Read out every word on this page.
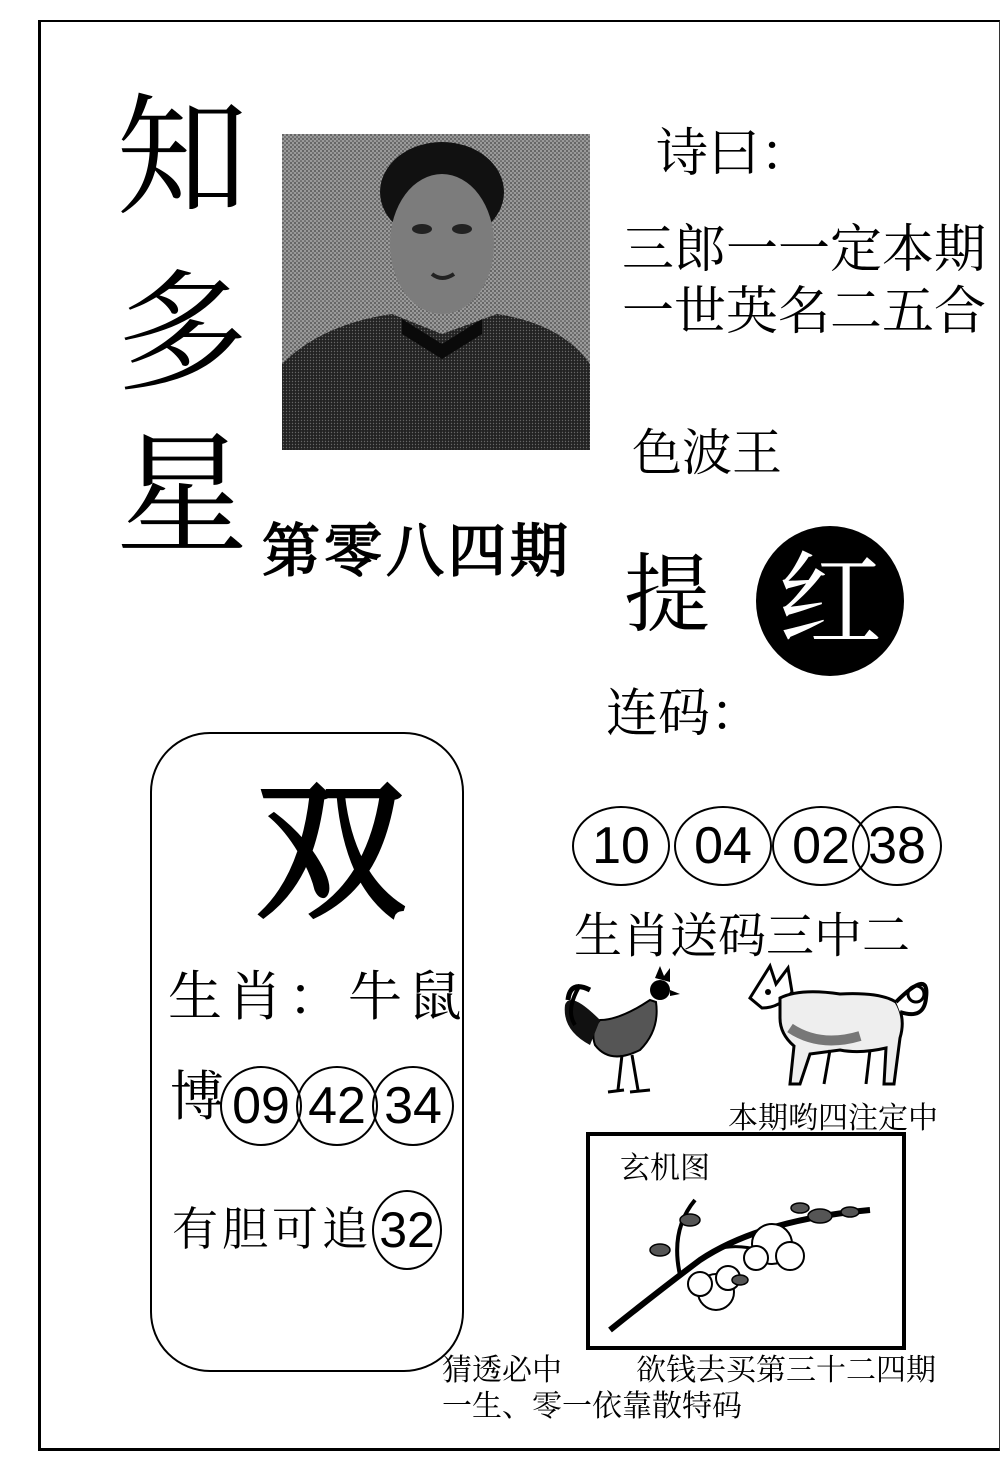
知
多
星 第零八四期
诗曰：
三郎一一定本期
一世英名二五合
色波王
提 红
连码：
10 04 02 38
生肖送码三中二
本期哟四注定中
双
生肖：牛鼠
博 09 42 34
有胆可追 32
玄机图
猜透必中 欲钱去买第三十二四期
一生、零一依靠散特码
